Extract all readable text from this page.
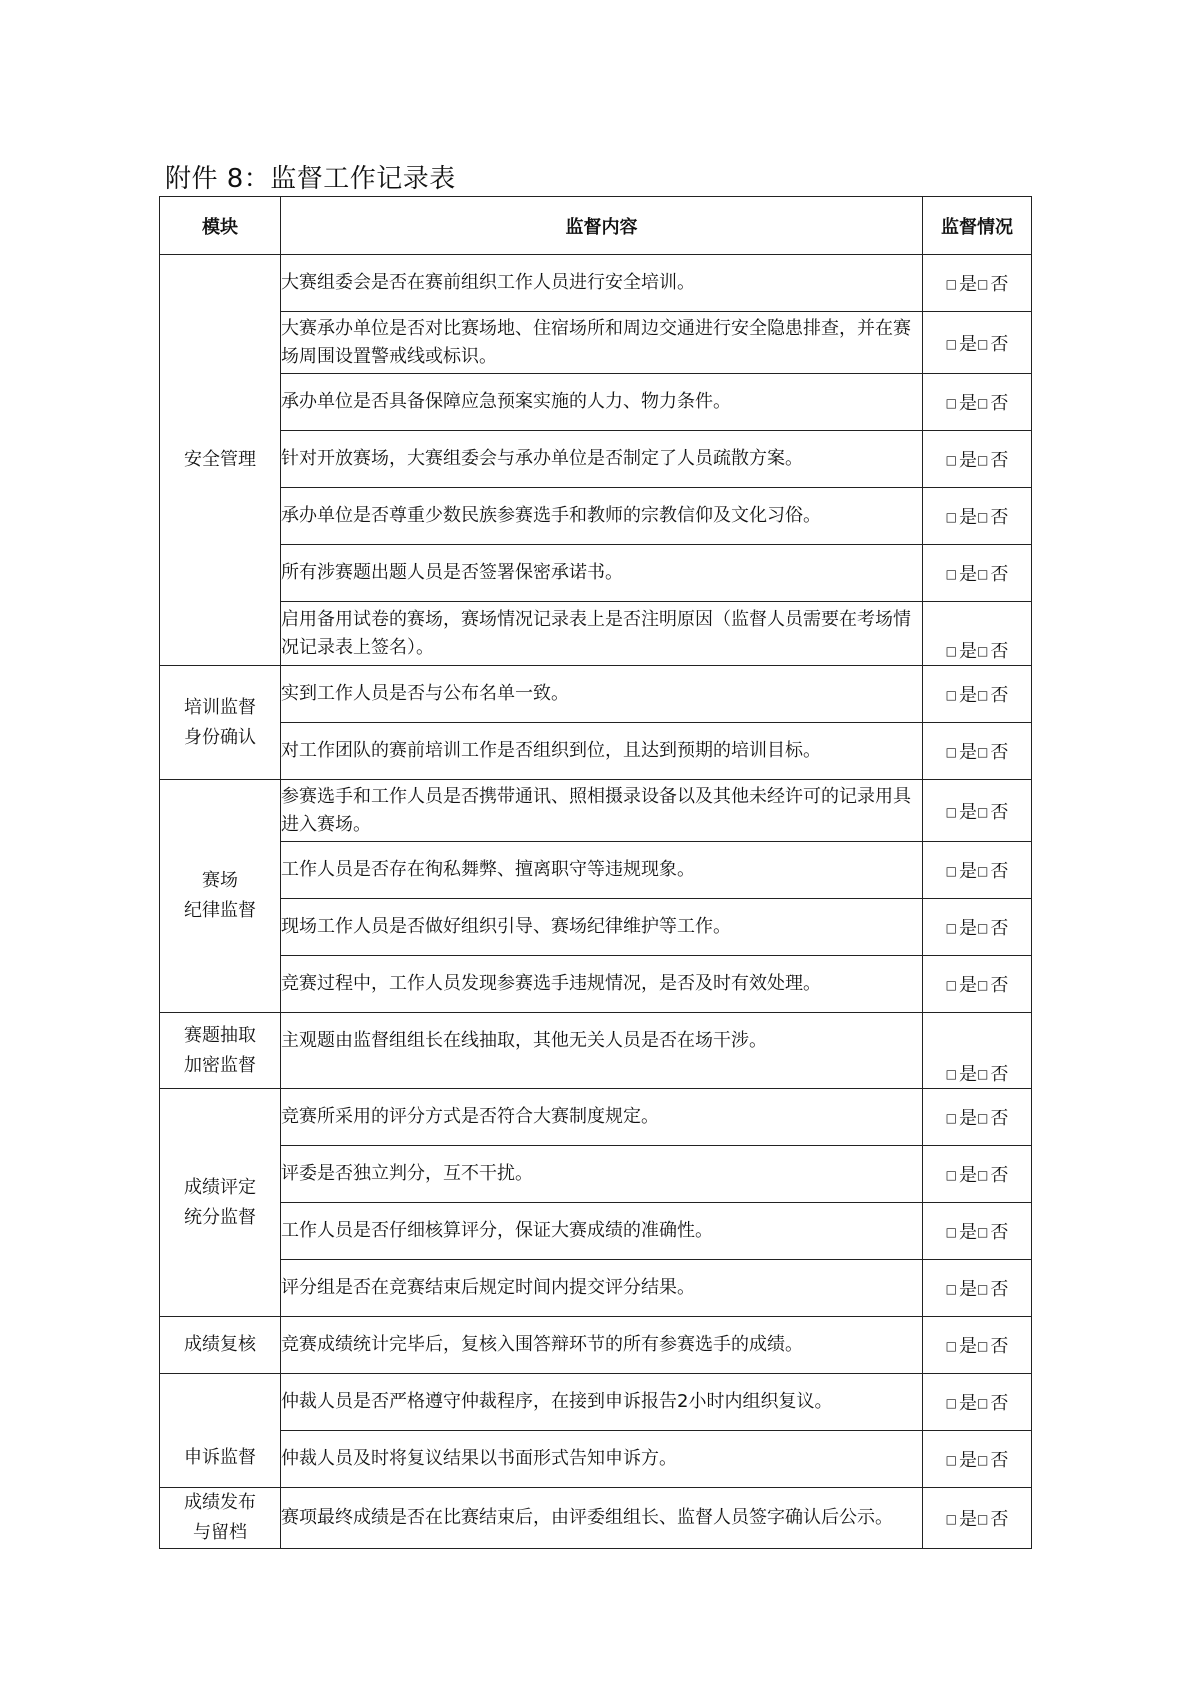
附件 8：监督工作记录表
模块	监督内容	监督情况
安全管理	大赛组委会是否在赛前组织工作人员进行安全培训。	□ 是□ 否
	大赛承办单位是否对比赛场地、住宿场所和周边交通进行安全隐患排查，并在赛场周围设置警戒线或标识。	□ 是□ 否
	承办单位是否具备保障应急预案实施的人力、物力条件。	□ 是□ 否
	针对开放赛场，大赛组委会与承办单位是否制定了人员疏散方案。	□ 是□ 否
	承办单位是否尊重少数民族参赛选手和教师的宗教信仰及文化习俗。	□ 是□ 否
	所有涉赛题出题人员是否签署保密承诺书。	□ 是□ 否
	启用备用试卷的赛场，赛场情况记录表上是否注明原因（监督人员需要在考场情况记录表上签名）。	□ 是□ 否

培训监督
身份确认	实到工作人员是否与公布名单一致。	□ 是□ 否
	对工作团队的赛前培训工作是否组织到位，且达到预期的培训目标。	□ 是□ 否

赛场
纪律监督	参赛选手和工作人员是否携带通讯、照相摄录设备以及其他未经许可的记录用具进入赛场。	□ 是□ 否
	工作人员是否存在徇私舞弊、擅离职守等违规现象。	□ 是□ 否
	现场工作人员是否做好组织引导、赛场纪律维护等工作。	□ 是□ 否
	竞赛过程中，工作人员发现参赛选手违规情况，是否及时有效处理。	□ 是□ 否

赛题抽取
加密监督	主观题由监督组组长在线抽取，其他无关人员是否在场干涉。	□ 是□ 否

成绩评定
统分监督	竞赛所采用的评分方式是否符合大赛制度规定。	□ 是□ 否
	评委是否独立判分，互不干扰。	□ 是□ 否
	工作人员是否仔细核算评分，保证大赛成绩的准确性。	□ 是□ 否
	评分组是否在竞赛结束后规定时间内提交评分结果。	□ 是□ 否
成绩复核	竞赛成绩统计完毕后，复核入围答辩环节的所有参赛选手的成绩。	□ 是□ 否
申诉监督	仲裁人员是否严格遵守仲裁程序，在接到申诉报告2小时内组织复议。	□ 是□ 否
	仲裁人员及时将复议结果以书面形式告知申诉方。	□ 是□ 否

成绩发布
与留档	赛项最终成绩是否在比赛结束后，由评委组组长、监督人员签字确认后公示。	□ 是□ 否
